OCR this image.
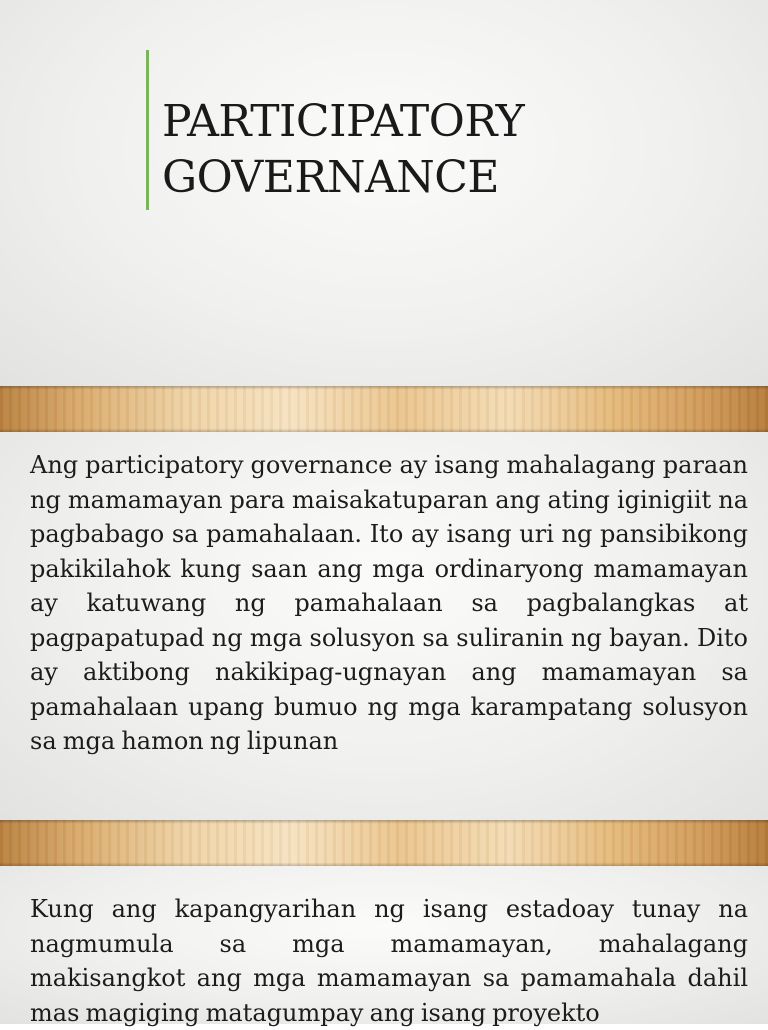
PARTICIPATORY
GOVERNANCE

Ang participatory governance ay isang mahalagang paraan ng mamamayan para maisakatuparan ang ating iginigiit na pagbabago sa pamahalaan. Ito ay isang uri ng pansibikong pakikilahok kung saan ang mga ordinaryong mamamayan ay katuwang ng pamahalaan sa pagbalangkas at pagpapatupad ng mga solusyon sa suliranin ng bayan. Dito ay aktibong nakikipag-ugnayan ang mamamayan sa pamahalaan upang bumuo ng mga karampatang solusyon sa mga hamon ng lipunan

Kung ang kapangyarihan ng isang estadoay tunay na nagmumula sa mga mamamayan, mahalagang makisangkot ang mga mamamayan sa pamamahala dahil mas magiging matagumpay ang isang proyekto
